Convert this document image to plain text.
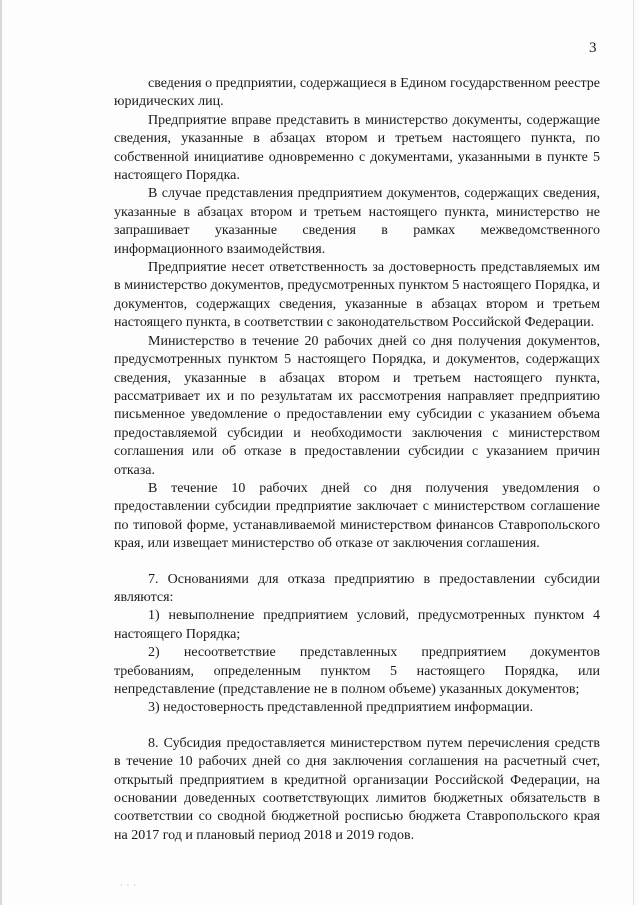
3

сведения о предприятии, содержащиеся в Едином государственном реестре юридических лиц.

Предприятие вправе представить в министерство документы, содержащие сведения, указанные в абзацах втором и третьем настоящего пункта, по собственной инициативе одновременно с документами, указанными в пункте 5 настоящего Порядка.

В случае представления предприятием документов, содержащих сведения, указанные в абзацах втором и третьем настоящего пункта, министерство не запрашивает указанные сведения в рамках межведомственного информационного взаимодействия.

Предприятие несет ответственность за достоверность представляемых им в министерство документов, предусмотренных пунктом 5 настоящего Порядка, и документов, содержащих сведения, указанные в абзацах втором и третьем настоящего пункта, в соответствии с законодательством Российской Федерации.

Министерство в течение 20 рабочих дней со дня получения документов, предусмотренных пунктом 5 настоящего Порядка, и документов, содержащих сведения, указанные в абзацах втором и третьем настоящего пункта, рассматривает их и по результатам их рассмотрения направляет предприятию письменное уведомление о предоставлении ему субсидии с указанием объема предоставляемой субсидии и необходимости заключения с министерством соглашения или об отказе в предоставлении субсидии с указанием причин отказа.

В течение 10 рабочих дней со дня получения уведомления о предоставлении субсидии предприятие заключает с министерством соглашение по типовой форме, устанавливаемой министерством финансов Ставропольского края, или извещает министерство об отказе от заключения соглашения.

7. Основаниями для отказа предприятию в предоставлении субсидии являются:

1) невыполнение предприятием условий, предусмотренных пунктом 4 настоящего Порядка;

2) несоответствие представленных предприятием документов требованиям, определенным пунктом 5 настоящего Порядка, или непредставление (представление не в полном объеме) указанных документов;

3) недостоверность представленной предприятием информации.

8. Субсидия предоставляется министерством путем перечисления средств в течение 10 рабочих дней со дня заключения соглашения на расчетный счет, открытый предприятием в кредитной организации Российской Федерации, на основании доведенных соответствующих лимитов бюджетных обязательств в соответствии со сводной бюджетной росписью бюджета Ставропольского края на 2017 год и плановый период 2018 и 2019 годов.

· · ·
